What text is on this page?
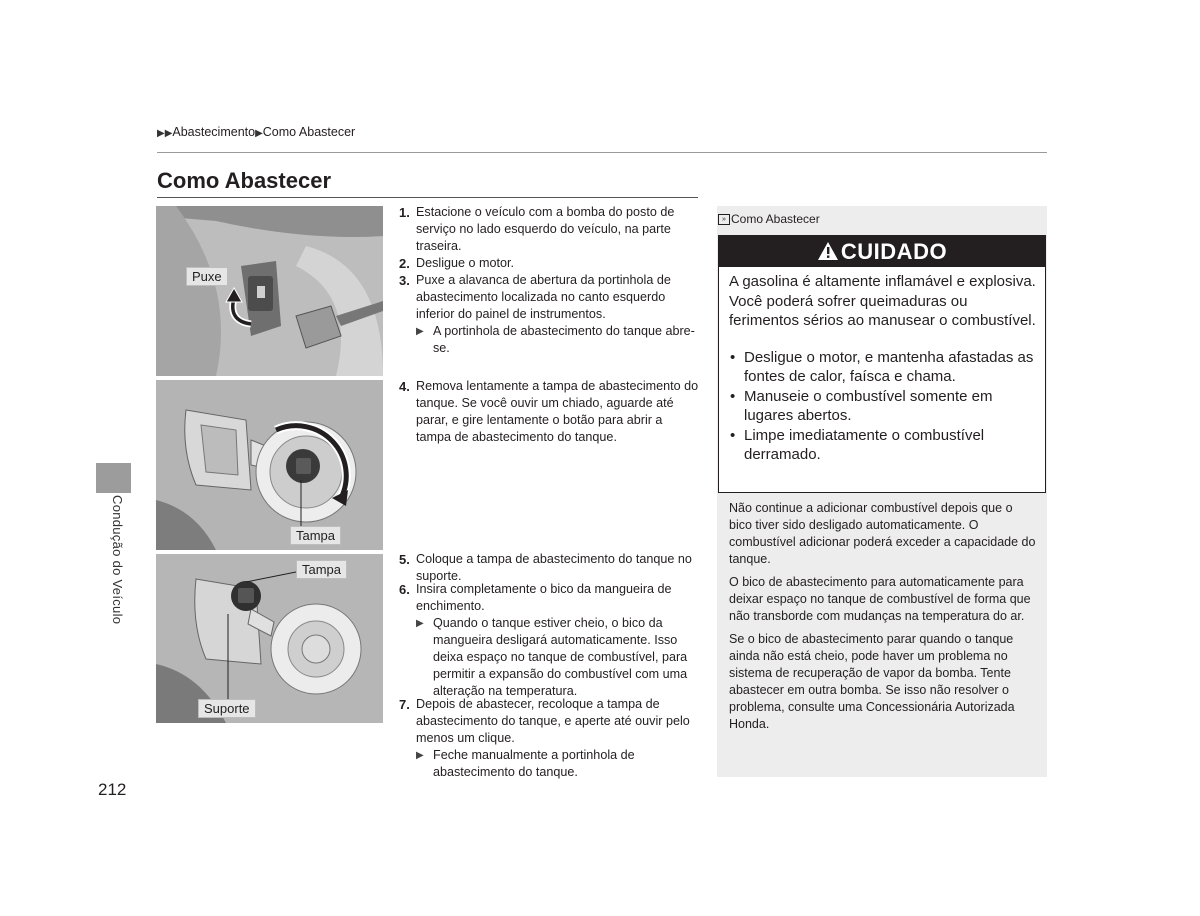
▶▶Abastecimento▶Como Abastecer
Como Abastecer
Condução do Veículo
212
Puxe
Tampa
Tampa
Suporte
1. Estacione o veículo com a bomba do posto de serviço no lado esquerdo do veículo, na parte traseira.
2. Desligue o motor.
3. Puxe a alavanca de abertura da portinhola de abastecimento localizada no canto esquerdo inferior do painel de instrumentos.
▶ A portinhola de abastecimento do tanque abre-se.
4. Remova lentamente a tampa de abastecimento do tanque. Se você ouvir um chiado, aguarde até parar, e gire lentamente o botão para abrir a tampa de abastecimento do tanque.
5. Coloque a tampa de abastecimento do tanque no suporte.
6. Insira completamente o bico da mangueira de enchimento.
▶ Quando o tanque estiver cheio, o bico da mangueira desligará automaticamente. Isso deixa espaço no tanque de combustível, para permitir a expansão do combustível com uma alteração na temperatura.
7. Depois de abastecer, recoloque a tampa de abastecimento do tanque, e aperte até ouvir pelo menos um clique.
▶ Feche manualmente a portinhola de abastecimento do tanque.
» Como Abastecer
CUIDADO

A gasolina é altamente inflamável e explosiva. Você poderá sofrer queimaduras ou ferimentos sérios ao manusear o combustível.

• Desligue o motor, e mantenha afastadas as fontes de calor, faísca e chama.
• Manuseie o combustível somente em lugares abertos.
• Limpe imediatamente o combustível derramado.

Não continue a adicionar combustível depois que o bico tiver sido desligado automaticamente. O combustível adicionar poderá exceder a capacidade do tanque.

O bico de abastecimento para automaticamente para deixar espaço no tanque de combustível de forma que não transborde com mudanças na temperatura do ar.

Se o bico de abastecimento parar quando o tanque ainda não está cheio, pode haver um problema no sistema de recuperação de vapor da bomba. Tente abastecer em outra bomba. Se isso não resolver o problema, consulte uma Concessionária Autorizada Honda.
